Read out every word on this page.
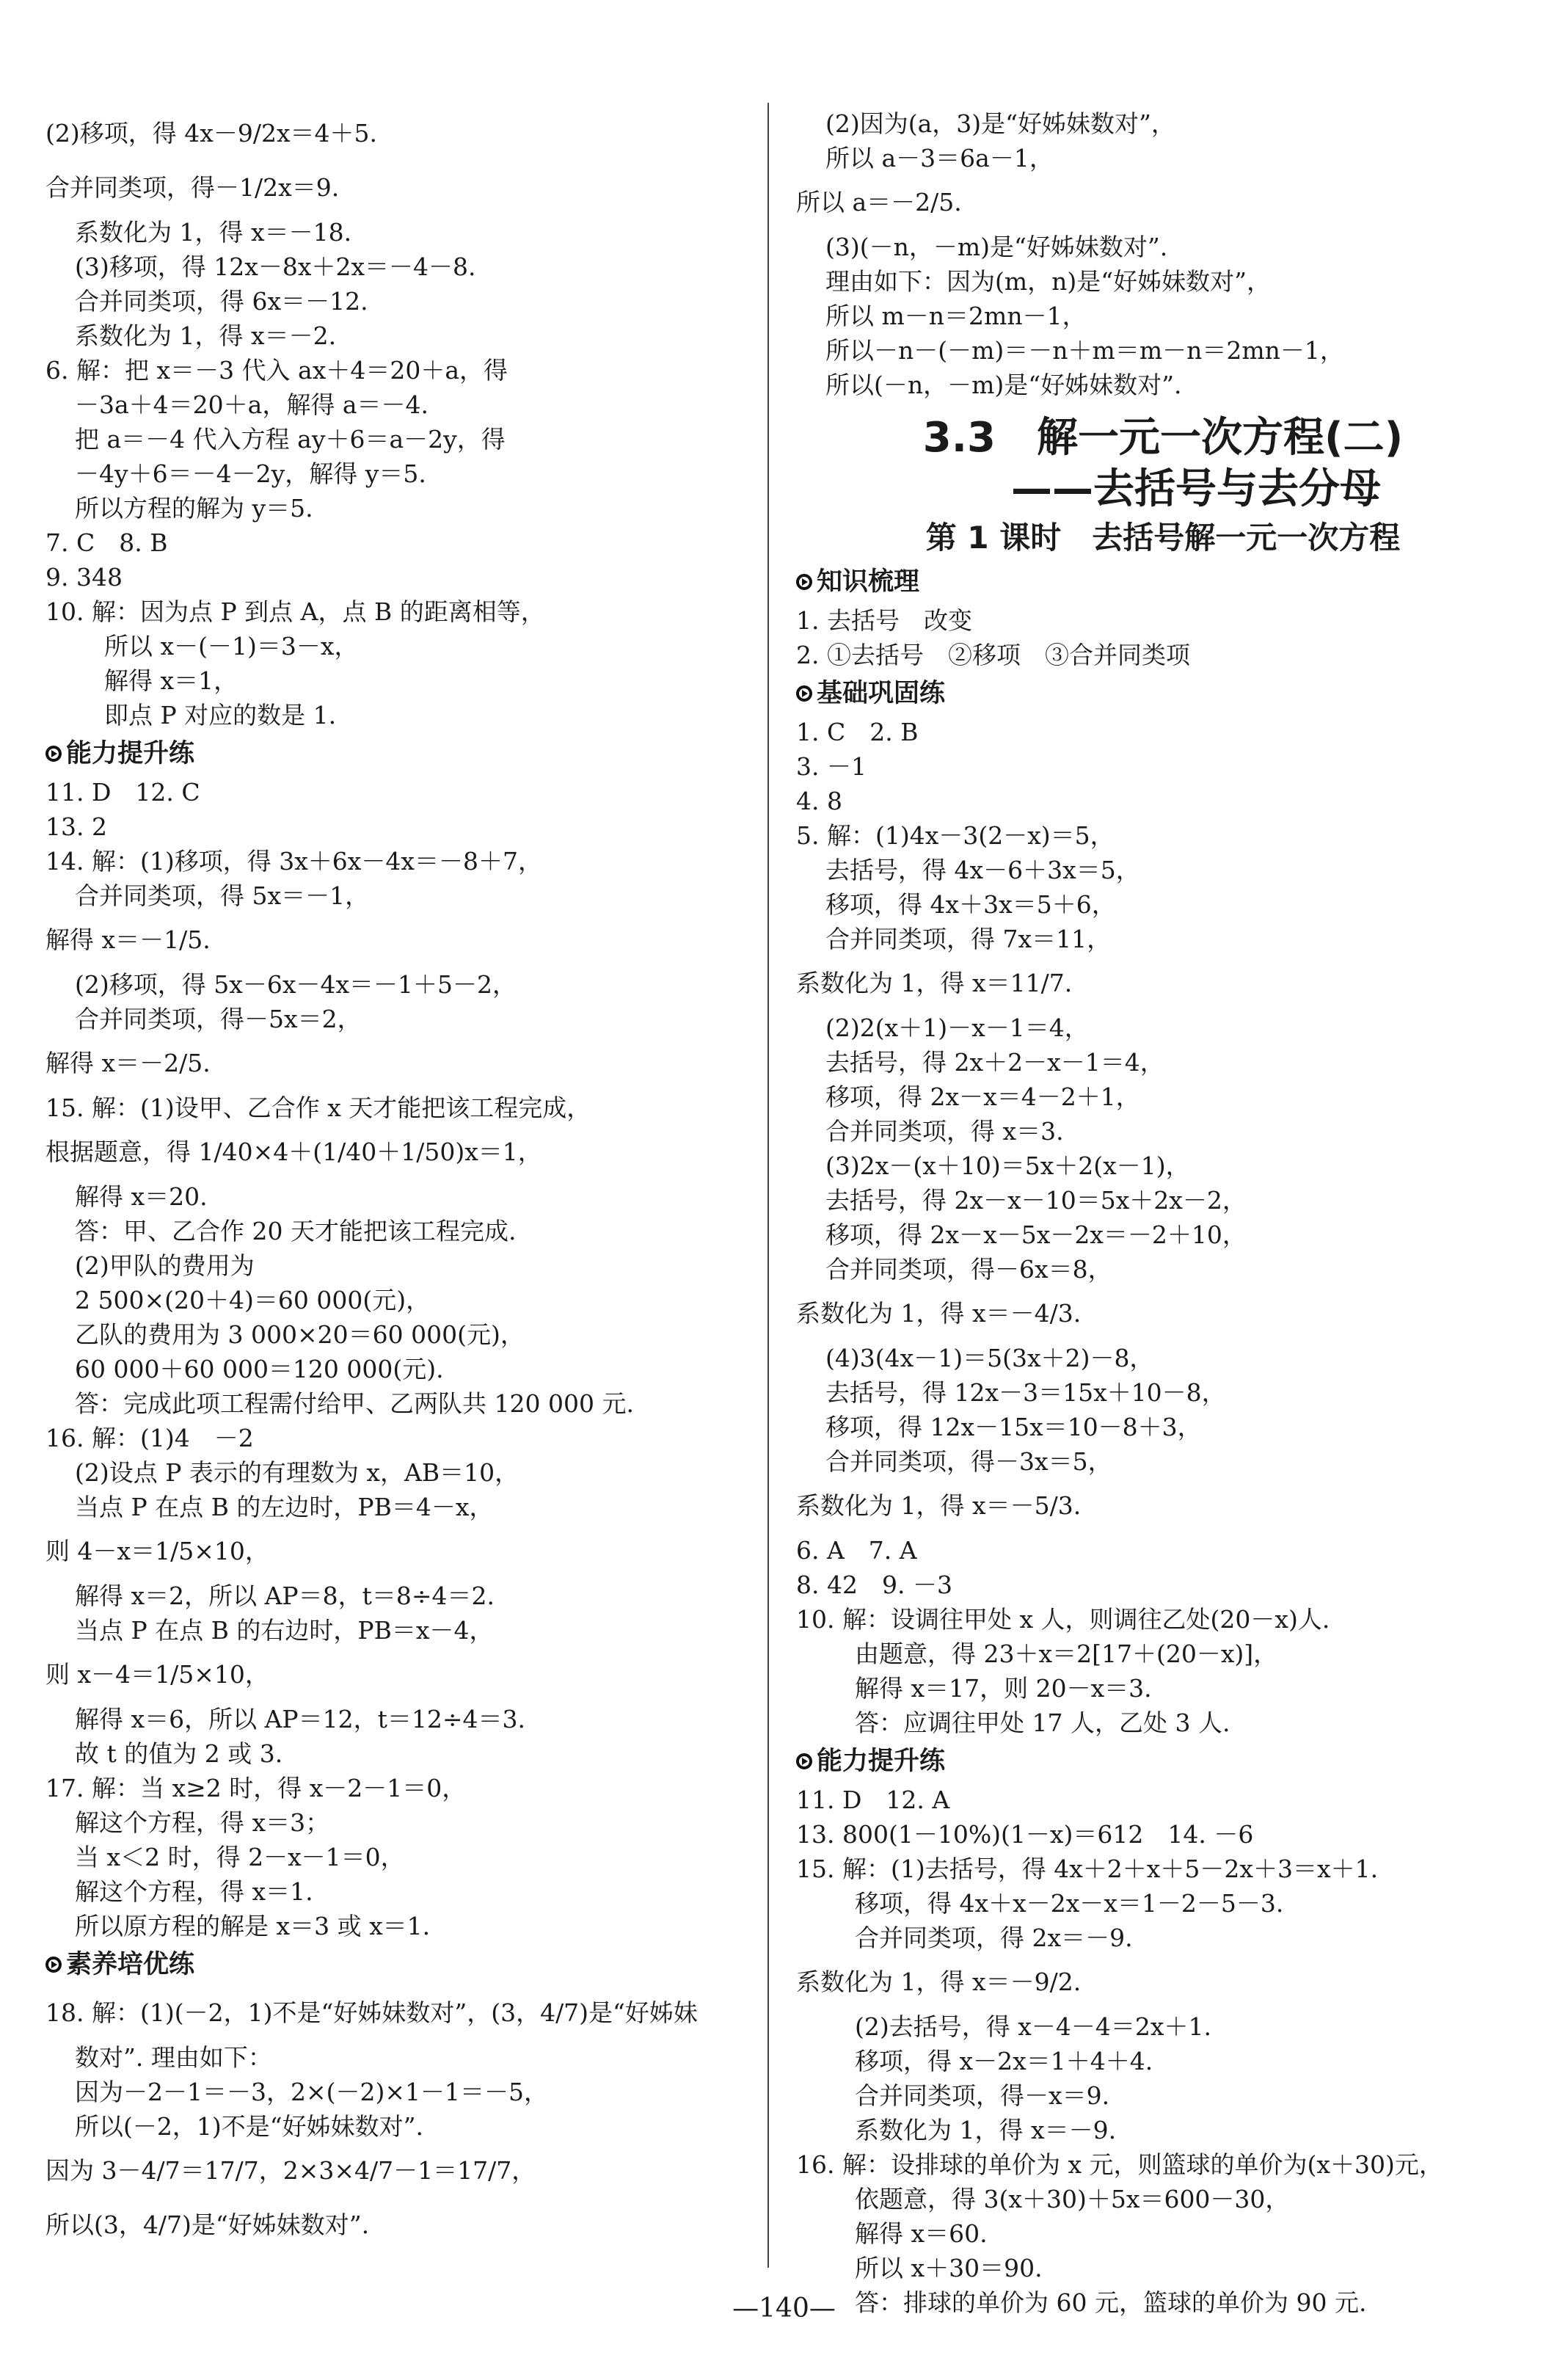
(2)移项，得 4x－9/2x＝4＋5.
合并同类项，得－1/2x＝9.
系数化为 1，得 x＝－18.
(3)移项，得 12x－8x＋2x＝－4－8.
合并同类项，得 6x＝－12.
系数化为 1，得 x＝－2.
6. 解：把 x＝－3 代入 ax＋4＝20＋a，得
－3a＋4＝20＋a，解得 a＝－4.
把 a＝－4 代入方程 ay＋6＝a－2y，得
－4y＋6＝－4－2y，解得 y＝5.
所以方程的解为 y＝5.
7. C　8. B
9. 348
10. 解：因为点 P 到点 A，点 B 的距离相等，
所以 x－(－1)＝3－x，
解得 x＝1，
即点 P 对应的数是 1.
能力提升练
11. D　12. C
13. 2
14. 解：(1)移项，得 3x＋6x－4x＝－8＋7，
合并同类项，得 5x＝－1，
解得 x＝－1/5.
(2)移项，得 5x－6x－4x＝－1＋5－2，
合并同类项，得－5x＝2，
解得 x＝－2/5.
15. 解：(1)设甲、乙合作 x 天才能把该工程完成，
根据题意，得 1/40×4＋(1/40＋1/50)x＝1，
解得 x＝20.
答：甲、乙合作 20 天才能把该工程完成.
(2)甲队的费用为
2 500×(20＋4)＝60 000(元)，
乙队的费用为 3 000×20＝60 000(元)，
60 000＋60 000＝120 000(元).
答：完成此项工程需付给甲、乙两队共 120 000 元.
16. 解：(1)4　－2
(2)设点 P 表示的有理数为 x，AB＝10，
当点 P 在点 B 的左边时，PB＝4－x，
则 4－x＝1/5×10，
解得 x＝2，所以 AP＝8，t＝8÷4＝2.
当点 P 在点 B 的右边时，PB＝x－4，
则 x－4＝1/5×10，
解得 x＝6，所以 AP＝12，t＝12÷4＝3.
故 t 的值为 2 或 3.
17. 解：当 x≥2 时，得 x－2－1＝0，
解这个方程，得 x＝3；
当 x＜2 时，得 2－x－1＝0，
解这个方程，得 x＝1.
所以原方程的解是 x＝3 或 x＝1.
素养培优练
18. 解：(1)(－2，1)不是“好姊妹数对”，(3，4/7)是“好姊妹
数对”. 理由如下：
因为－2－1＝－3，2×(－2)×1－1＝－5，
所以(－2，1)不是“好姊妹数对”.
因为 3－4/7＝17/7，2×3×4/7－1＝17/7，
所以(3，4/7)是“好姊妹数对”.
(2)因为(a，3)是“好姊妹数对”，
所以 a－3＝6a－1，
所以 a＝－2/5.
(3)(－n，－m)是“好姊妹数对”.
理由如下：因为(m，n)是“好姊妹数对”，
所以 m－n＝2mn－1，
所以－n－(－m)＝－n＋m＝m－n＝2mn－1，
所以(－n，－m)是“好姊妹数对”.
3.3　解一元一次方程(二)
——去括号与去分母
第 1 课时　去括号解一元一次方程
知识梳理
1. 去括号　改变
2. ①去括号　②移项　③合并同类项
基础巩固练
1. C　2. B
3. －1
4. 8
5. 解：(1)4x－3(2－x)＝5，
去括号，得 4x－6＋3x＝5，
移项，得 4x＋3x＝5＋6，
合并同类项，得 7x＝11，
系数化为 1，得 x＝11/7.
(2)2(x＋1)－x－1＝4，
去括号，得 2x＋2－x－1＝4，
移项，得 2x－x＝4－2＋1，
合并同类项，得 x＝3.
(3)2x－(x＋10)＝5x＋2(x－1)，
去括号，得 2x－x－10＝5x＋2x－2，
移项，得 2x－x－5x－2x＝－2＋10，
合并同类项，得－6x＝8，
系数化为 1，得 x＝－4/3.
(4)3(4x－1)＝5(3x＋2)－8，
去括号，得 12x－3＝15x＋10－8，
移项，得 12x－15x＝10－8＋3，
合并同类项，得－3x＝5，
系数化为 1，得 x＝－5/3.
6. A　7. A
8. 42　9. －3
10. 解：设调往甲处 x 人，则调往乙处(20－x)人.
由题意，得 23＋x＝2[17＋(20－x)]，
解得 x＝17，则 20－x＝3.
答：应调往甲处 17 人，乙处 3 人.
能力提升练
11. D　12. A
13. 800(1－10%)(1－x)＝612　14. －6
15. 解：(1)去括号，得 4x＋2＋x＋5－2x＋3＝x＋1.
移项，得 4x＋x－2x－x＝1－2－5－3.
合并同类项，得 2x＝－9.
系数化为 1，得 x＝－9/2.
(2)去括号，得 x－4－4＝2x＋1.
移项，得 x－2x＝1＋4＋4.
合并同类项，得－x＝9.
系数化为 1，得 x＝－9.
16. 解：设排球的单价为 x 元，则篮球的单价为(x＋30)元，
依题意，得 3(x＋30)＋5x＝600－30，
解得 x＝60.
所以 x＋30＝90.
答：排球的单价为 60 元，篮球的单价为 90 元.
—140—
